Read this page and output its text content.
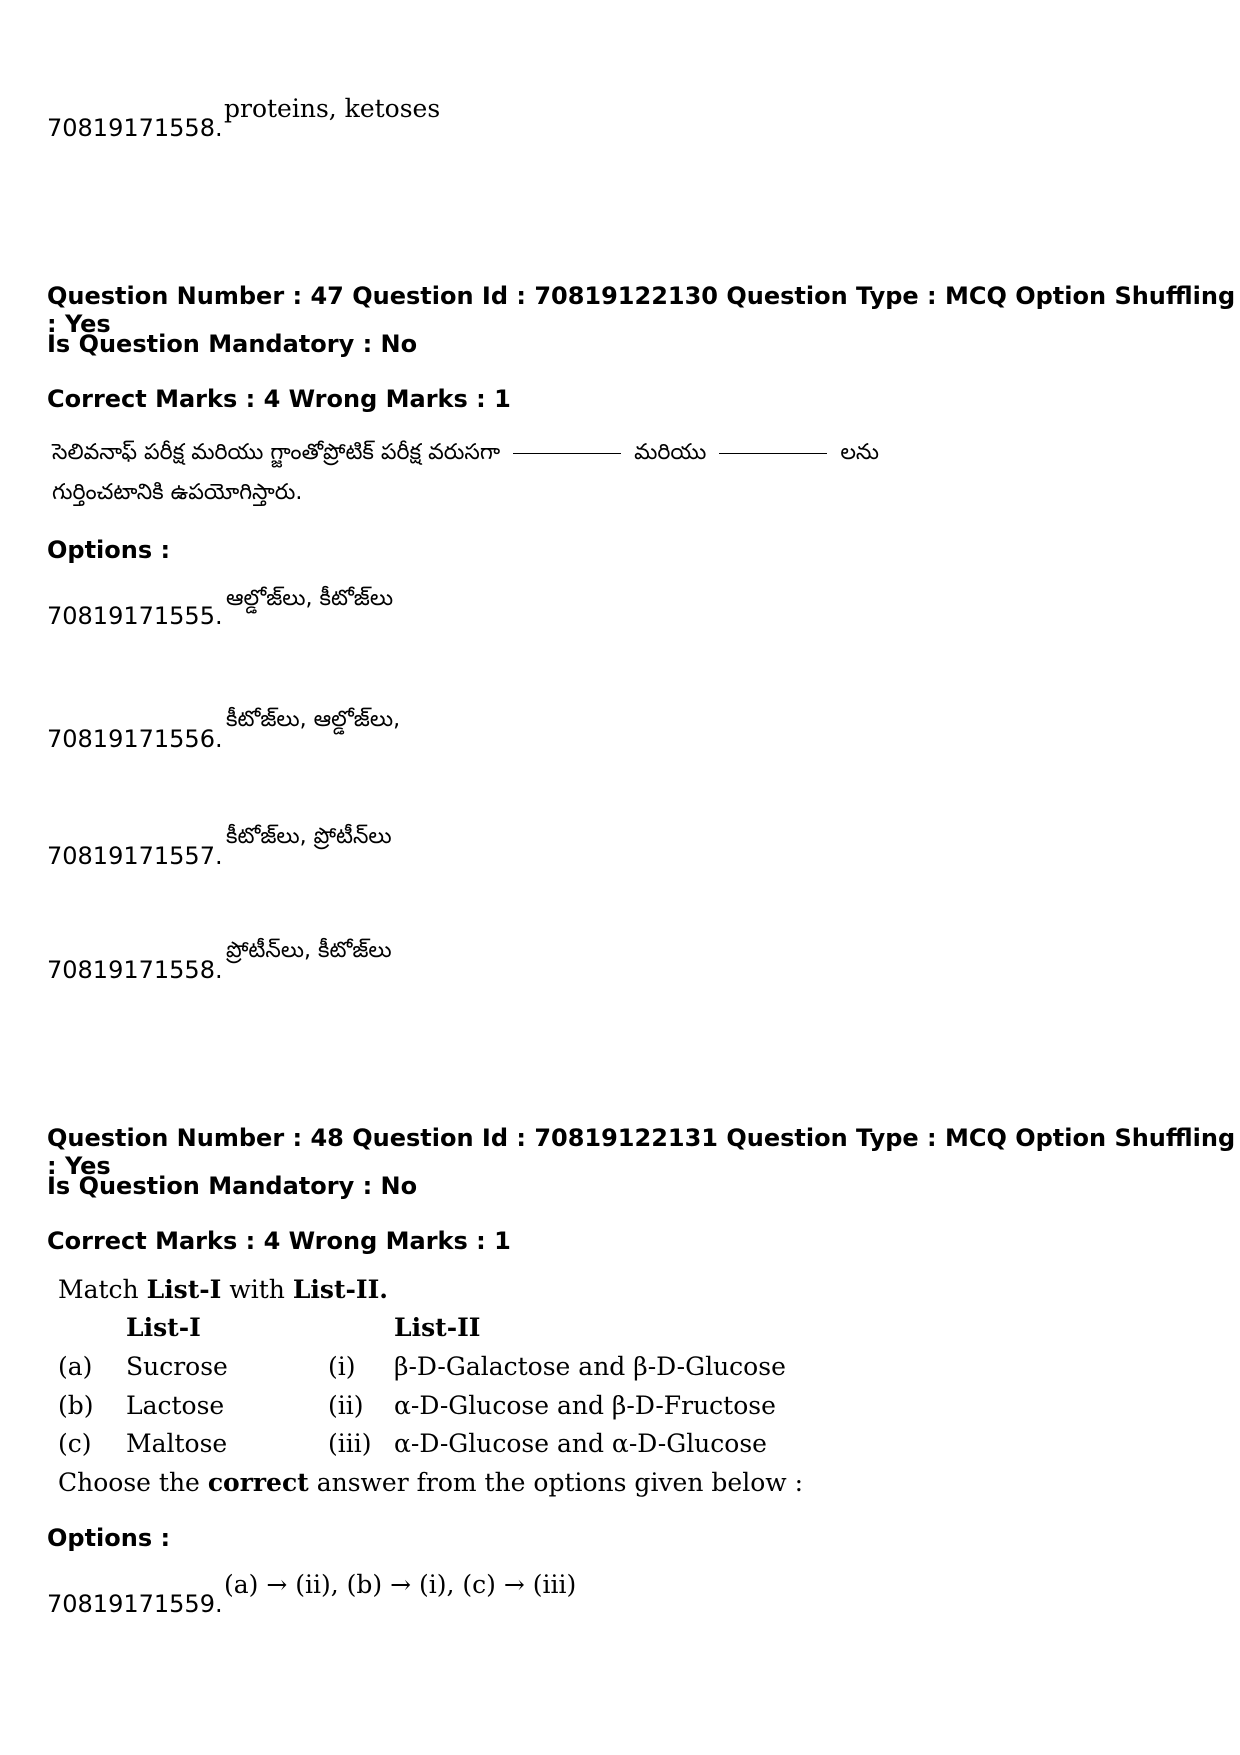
70819171558.
proteins, ketoses
Question Number : 47 Question Id : 70819122130 Question Type : MCQ Option Shuffling : Yes
Is Question Mandatory : No
Correct Marks : 4 Wrong Marks : 1
సెలివనాఫ్ పరీక్ష మరియు గ్జాంతోప్రోటిక్ పరీక్ష వరుసగా	మరియు	లను
గుర్తించటానికి ఉపయోగిస్తారు.
Options :
70819171555.
ఆల్డోజ్‌లు, కీటోజ్‌లు
70819171556.
కీటోజ్‌లు, ఆల్డోజ్‌లు,
70819171557.
కీటోజ్‌లు, ప్రోటీన్‌లు
70819171558.
ప్రోటీన్‌లు, కీటోజ్‌లు
Question Number : 48 Question Id : 70819122131 Question Type : MCQ Option Shuffling : Yes
Is Question Mandatory : No
Correct Marks : 4 Wrong Marks : 1
Match List-I with List-II.
List-I	List-II
(a) Sucrose	(i) β-D-Galactose and β-D-Glucose
(b) Lactose	(ii) α-D-Glucose and β-D-Fructose
(c) Maltose	(iii) α-D-Glucose and α-D-Glucose
Choose the correct answer from the options given below :
Options :
70819171559.
(a) → (ii), (b) → (i), (c) → (iii)
